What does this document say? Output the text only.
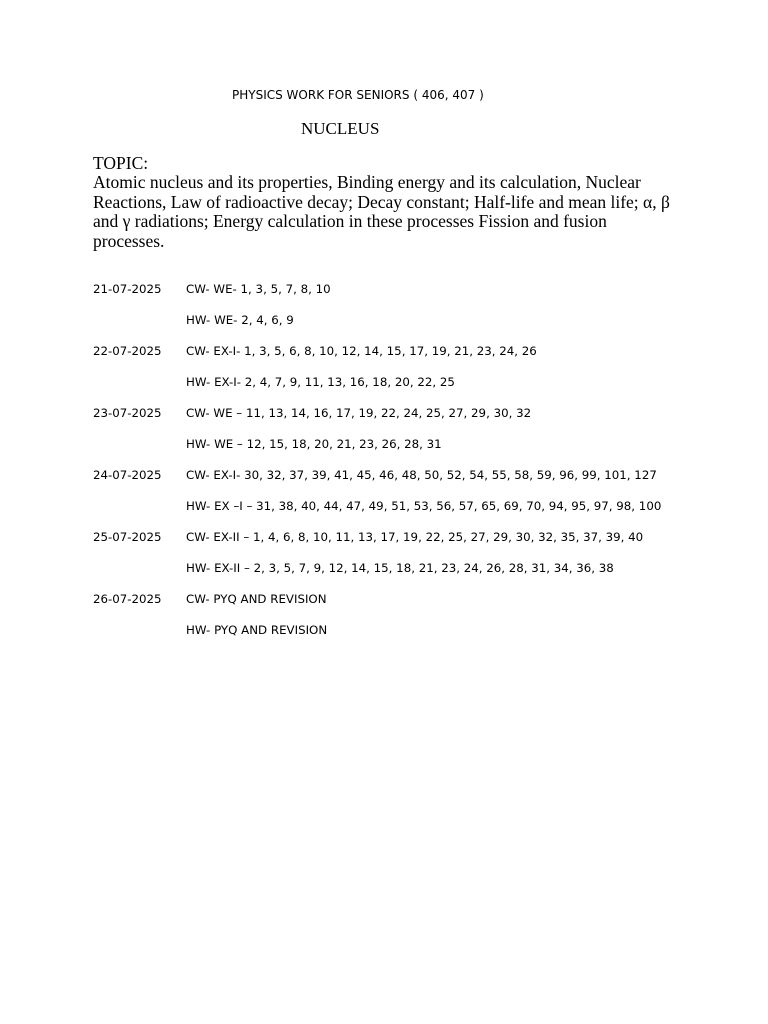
PHYSICS WORK FOR SENIORS ( 406, 407 )
NUCLEUS
TOPIC:
Atomic nucleus and its properties, Binding energy and its calculation, Nuclear Reactions, Law of radioactive decay; Decay constant; Half-life and mean life; α, β and γ radiations; Energy calculation in these processes Fission and fusion processes.
21-07-2025 CW- WE- 1, 3, 5, 7, 8, 10
HW- WE- 2, 4, 6, 9
22-07-2025 CW- EX-I- 1, 3, 5, 6, 8, 10, 12, 14, 15, 17, 19, 21, 23, 24, 26
HW- EX-I- 2, 4, 7, 9, 11, 13, 16, 18, 20, 22, 25
23-07-2025 CW- WE – 11, 13, 14, 16, 17, 19, 22, 24, 25, 27, 29, 30, 32
HW- WE – 12, 15, 18, 20, 21, 23, 26, 28, 31
24-07-2025 CW- EX-I- 30, 32, 37, 39, 41, 45, 46, 48, 50, 52, 54, 55, 58, 59, 96, 99, 101, 127
HW- EX –I – 31, 38, 40, 44, 47, 49, 51, 53, 56, 57, 65, 69, 70, 94, 95, 97, 98, 100
25-07-2025 CW- EX-II – 1, 4, 6, 8, 10, 11, 13, 17, 19, 22, 25, 27, 29, 30, 32, 35, 37, 39, 40
HW- EX-II – 2, 3, 5, 7, 9, 12, 14, 15, 18, 21, 23, 24, 26, 28, 31, 34, 36, 38
26-07-2025 CW- PYQ AND REVISION
HW- PYQ AND REVISION
